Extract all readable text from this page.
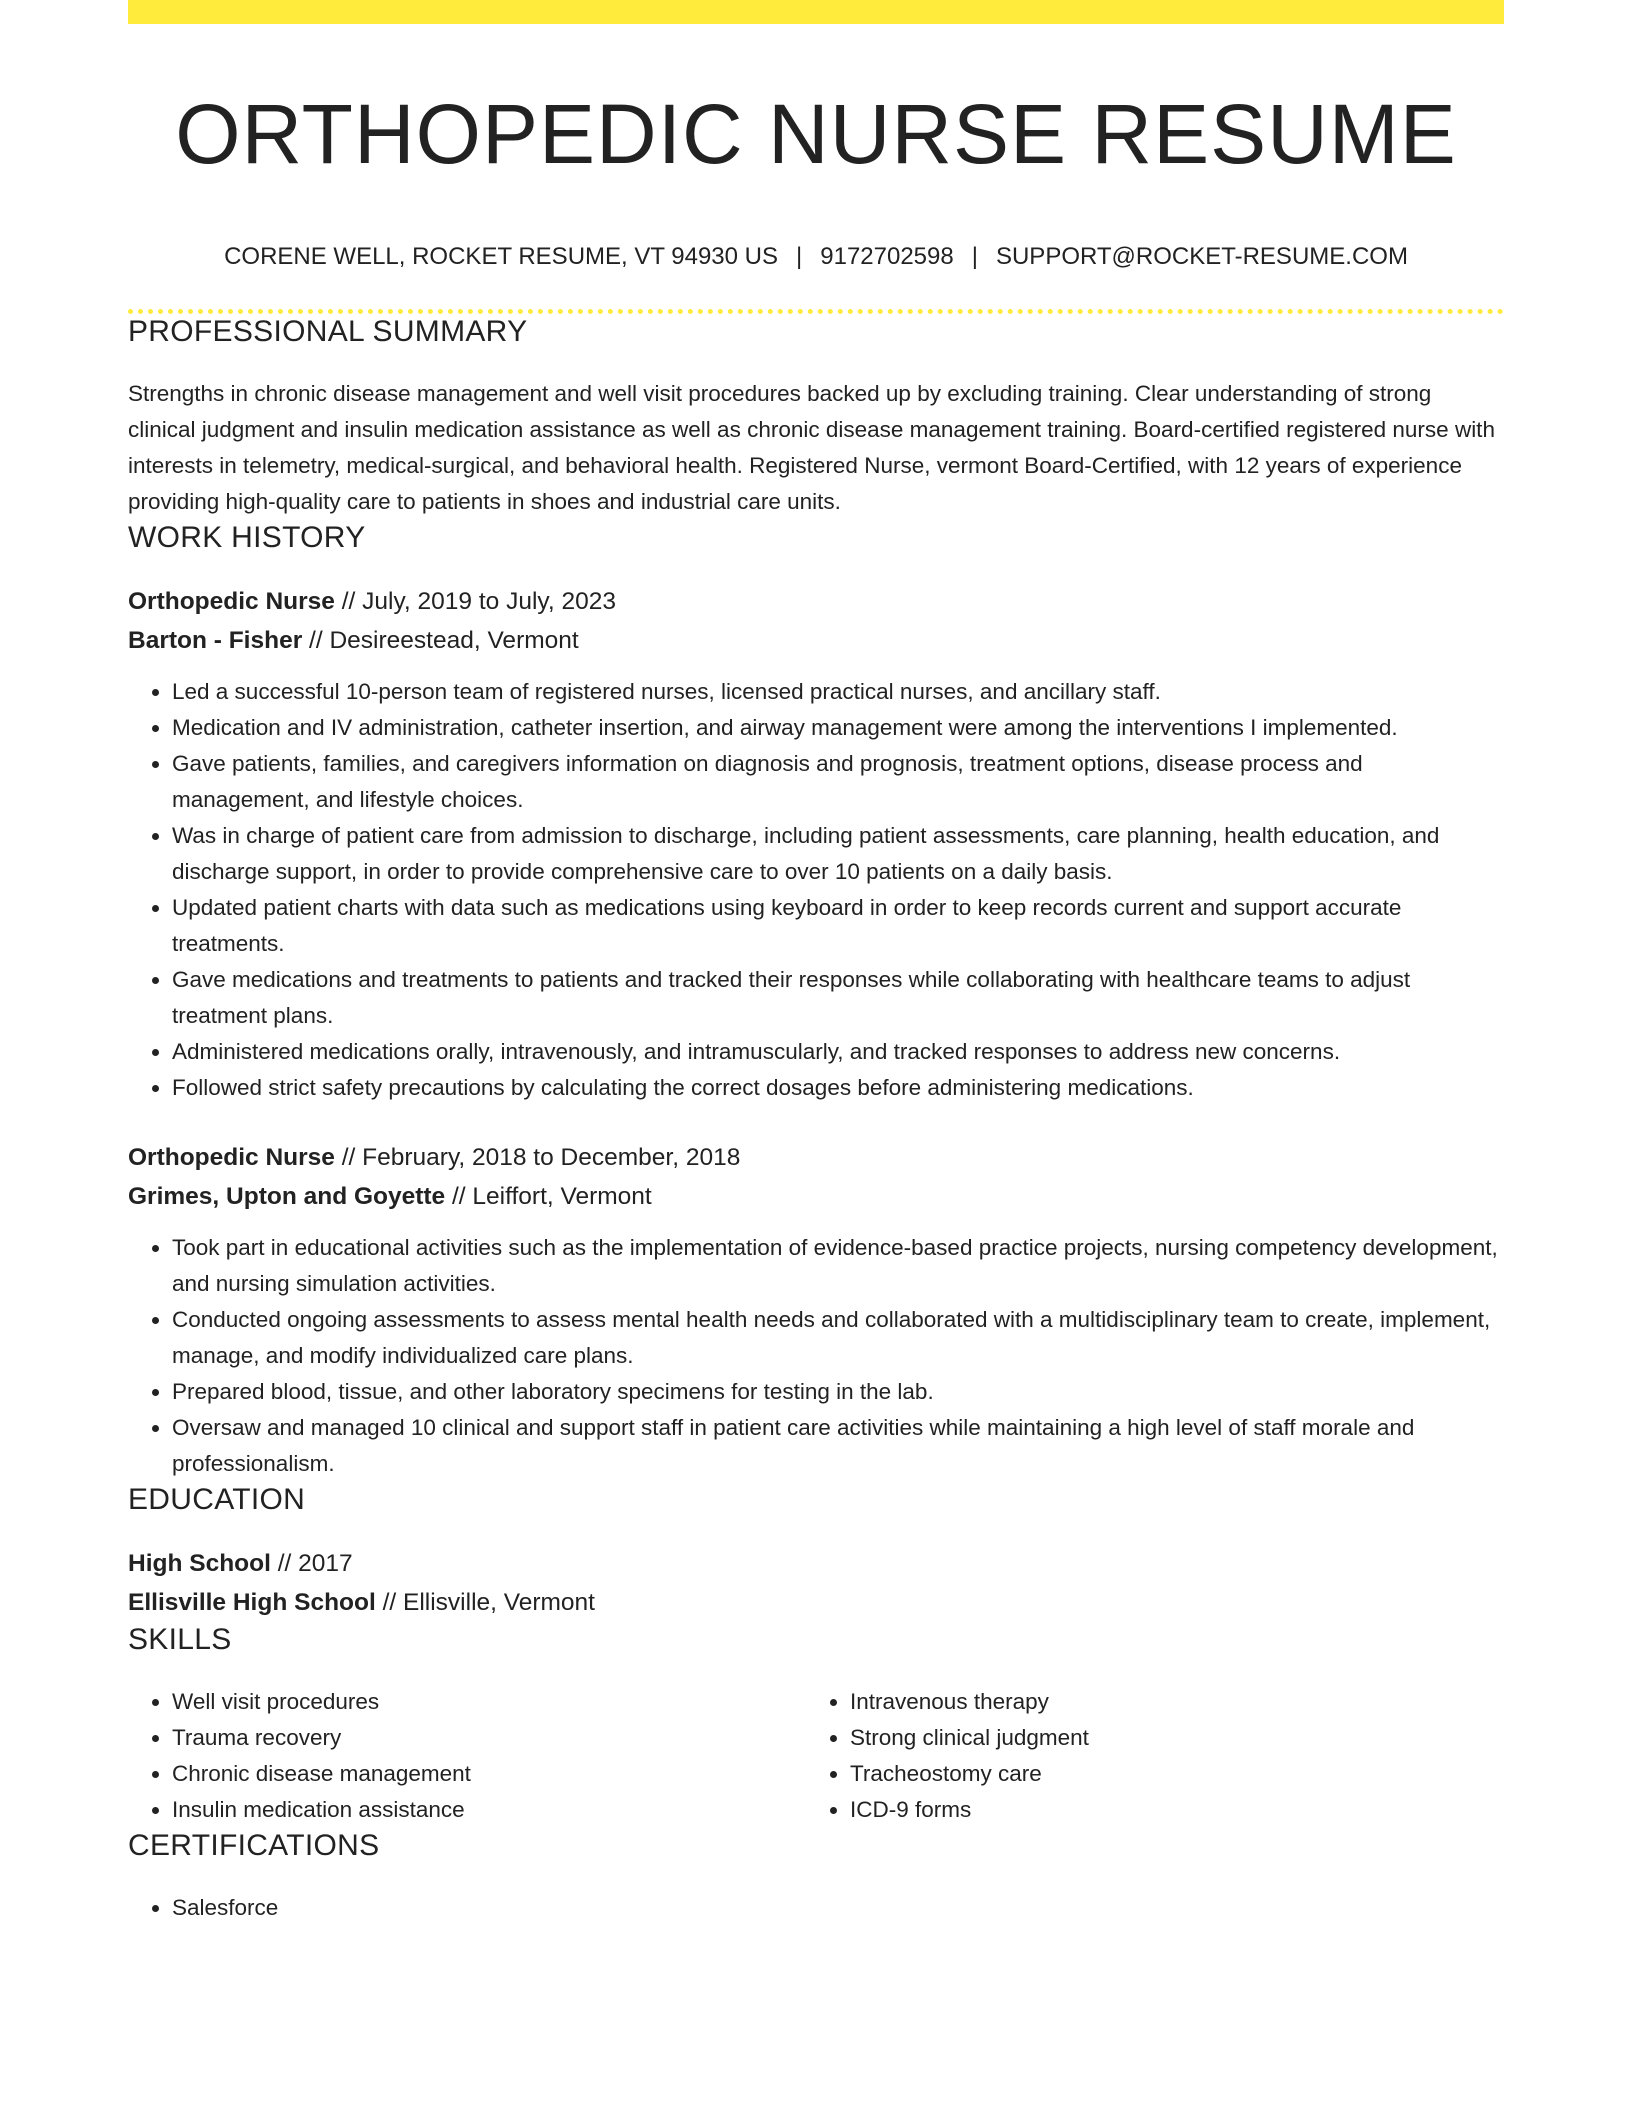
ORTHOPEDIC NURSE RESUME
CORENE WELL, ROCKET RESUME, VT 94930 US | 9172702598 | SUPPORT@ROCKET-RESUME.COM
PROFESSIONAL SUMMARY
Strengths in chronic disease management and well visit procedures backed up by excluding training. Clear understanding of strong clinical judgment and insulin medication assistance as well as chronic disease management training. Board-certified registered nurse with interests in telemetry, medical-surgical, and behavioral health. Registered Nurse, vermont Board-Certified, with 12 years of experience providing high-quality care to patients in shoes and industrial care units.
WORK HISTORY
Orthopedic Nurse // July, 2019 to July, 2023
Barton - Fisher // Desireestead, Vermont
• Led a successful 10-person team of registered nurses, licensed practical nurses, and ancillary staff.
• Medication and IV administration, catheter insertion, and airway management were among the interventions I implemented.
• Gave patients, families, and caregivers information on diagnosis and prognosis, treatment options, disease process and management, and lifestyle choices.
• Was in charge of patient care from admission to discharge, including patient assessments, care planning, health education, and discharge support, in order to provide comprehensive care to over 10 patients on a daily basis.
• Updated patient charts with data such as medications using keyboard in order to keep records current and support accurate treatments.
• Gave medications and treatments to patients and tracked their responses while collaborating with healthcare teams to adjust treatment plans.
• Administered medications orally, intravenously, and intramuscularly, and tracked responses to address new concerns.
• Followed strict safety precautions by calculating the correct dosages before administering medications.
Orthopedic Nurse // February, 2018 to December, 2018
Grimes, Upton and Goyette // Leiffort, Vermont
• Took part in educational activities such as the implementation of evidence-based practice projects, nursing competency development, and nursing simulation activities.
• Conducted ongoing assessments to assess mental health needs and collaborated with a multidisciplinary team to create, implement, manage, and modify individualized care plans.
• Prepared blood, tissue, and other laboratory specimens for testing in the lab.
• Oversaw and managed 10 clinical and support staff in patient care activities while maintaining a high level of staff morale and professionalism.
EDUCATION
High School // 2017
Ellisville High School // Ellisville, Vermont
SKILLS
• Well visit procedures
• Trauma recovery
• Chronic disease management
• Insulin medication assistance
• Intravenous therapy
• Strong clinical judgment
• Tracheostomy care
• ICD-9 forms
CERTIFICATIONS
• Salesforce
